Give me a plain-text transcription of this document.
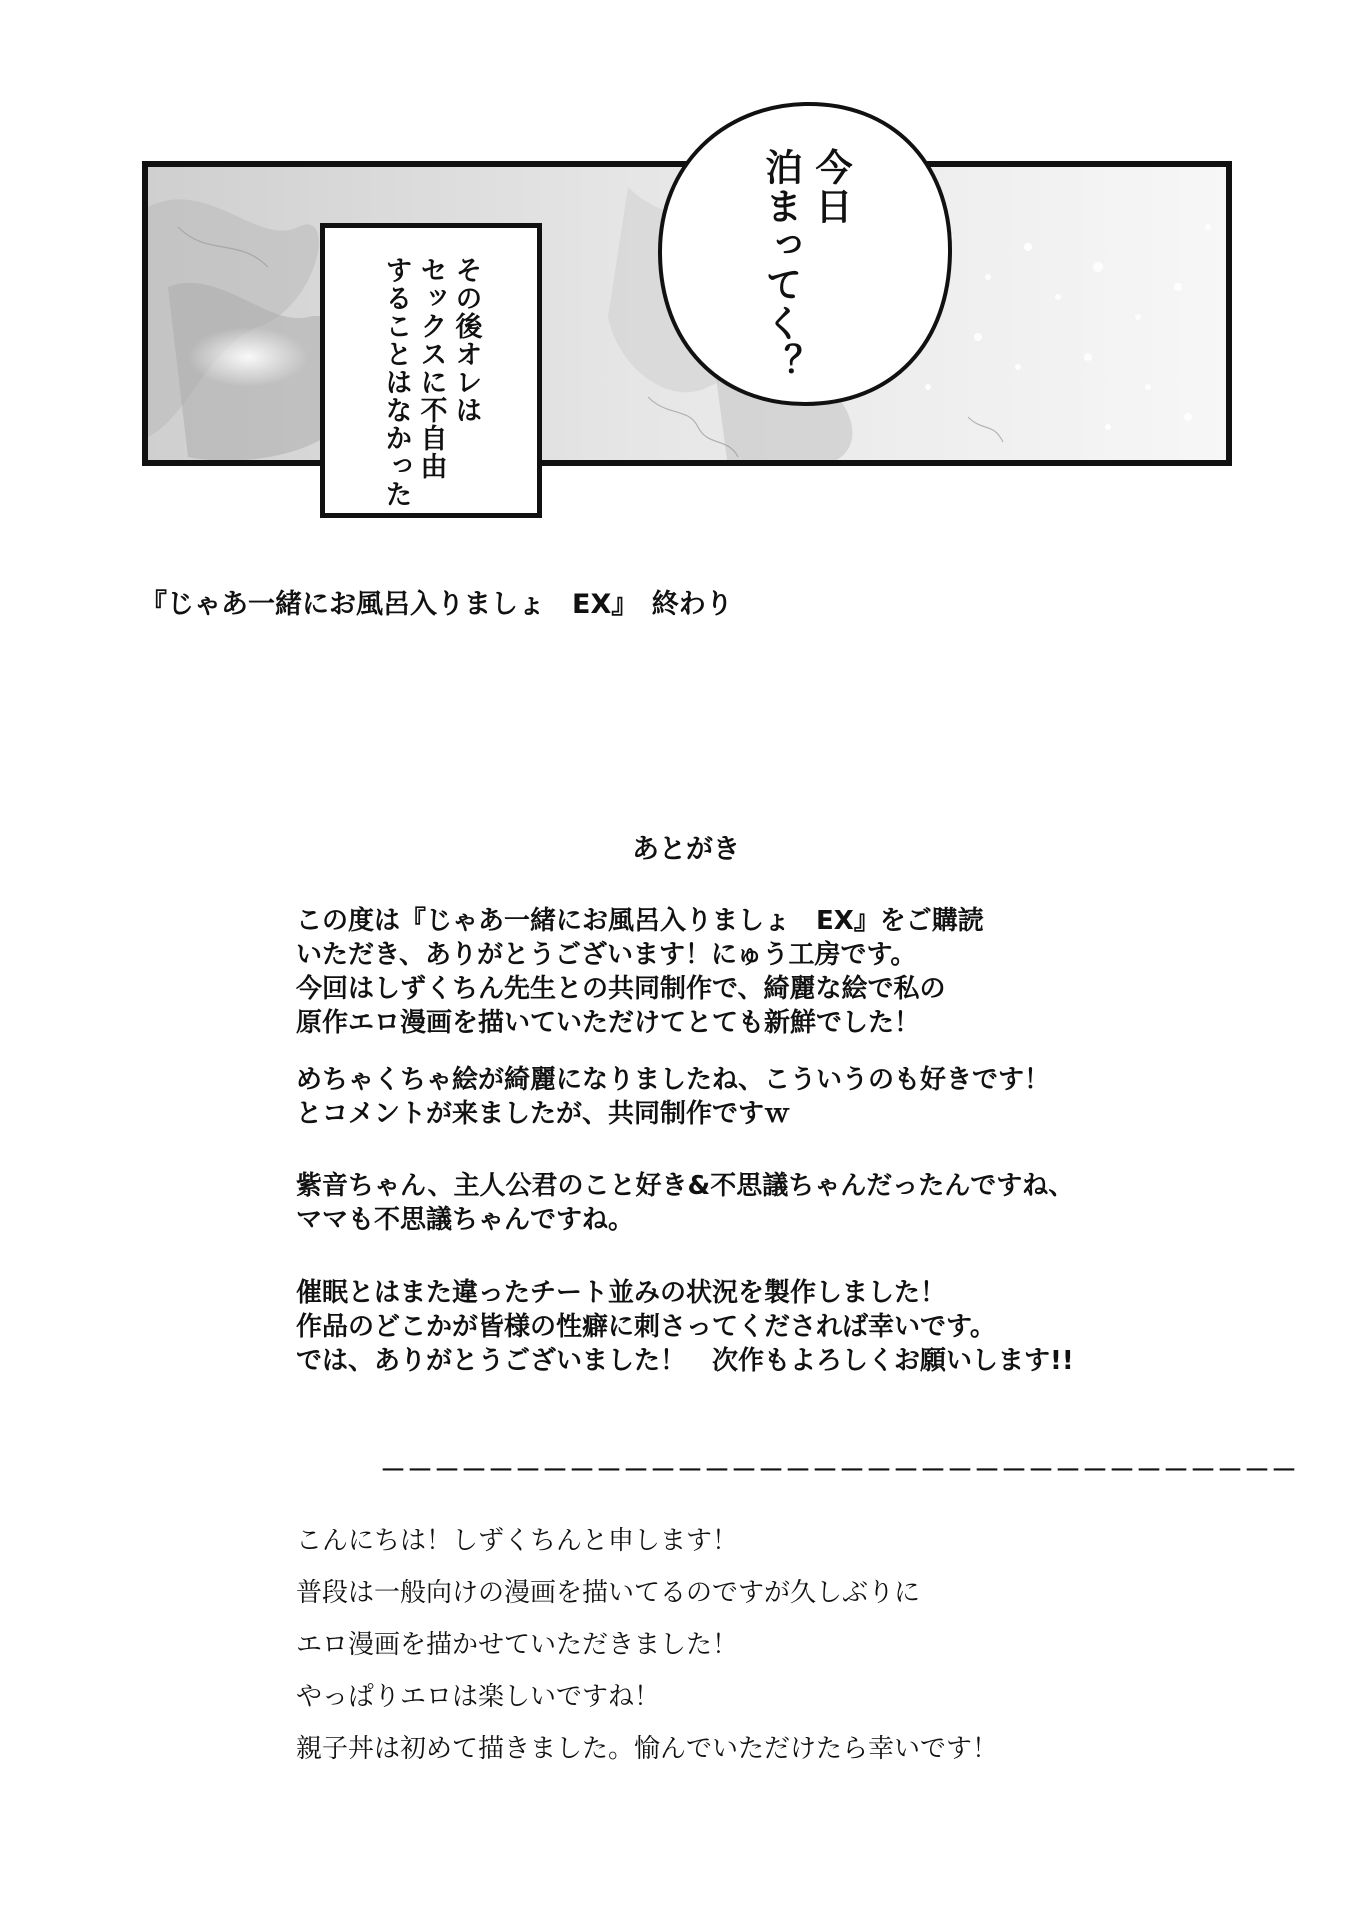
その後オレは
セックスに不自由
することはなかった
今日
泊まってく？
『じゃあ一緒にお風呂入りましょ　EX』　終わり
あとがき

この度は『じゃあ一緒にお風呂入りましょ　EX』をご購読
いただき、ありがとうございます！にゅう工房です。
今回はしずくちん先生との共同制作で、綺麗な絵で私の
原作エロ漫画を描いていただけてとても新鮮でした！

めちゃくちゃ絵が綺麗になりましたね、こういうのも好きです！
とコメントが来ましたが、共同制作ですｗ

紫音ちゃん、主人公君のこと好き&不思議ちゃんだったんですね、
ママも不思議ちゃんですね。

催眠とはまた違ったチート並みの状況を製作しました！
作品のどこかが皆様の性癖に刺さってくだされば幸いです。
では、ありがとうございました！　次作もよろしくお願いします!!

－－－－－－－－－－－－－－－－－－－－－－－－－－－－－－－－－－

こんにちは！しずくちんと申します！
普段は一般向けの漫画を描いてるのですが久しぶりに
エロ漫画を描かせていただきました！
やっぱりエロは楽しいですね！
親子丼は初めて描きました。愉んでいただけたら幸いです！
